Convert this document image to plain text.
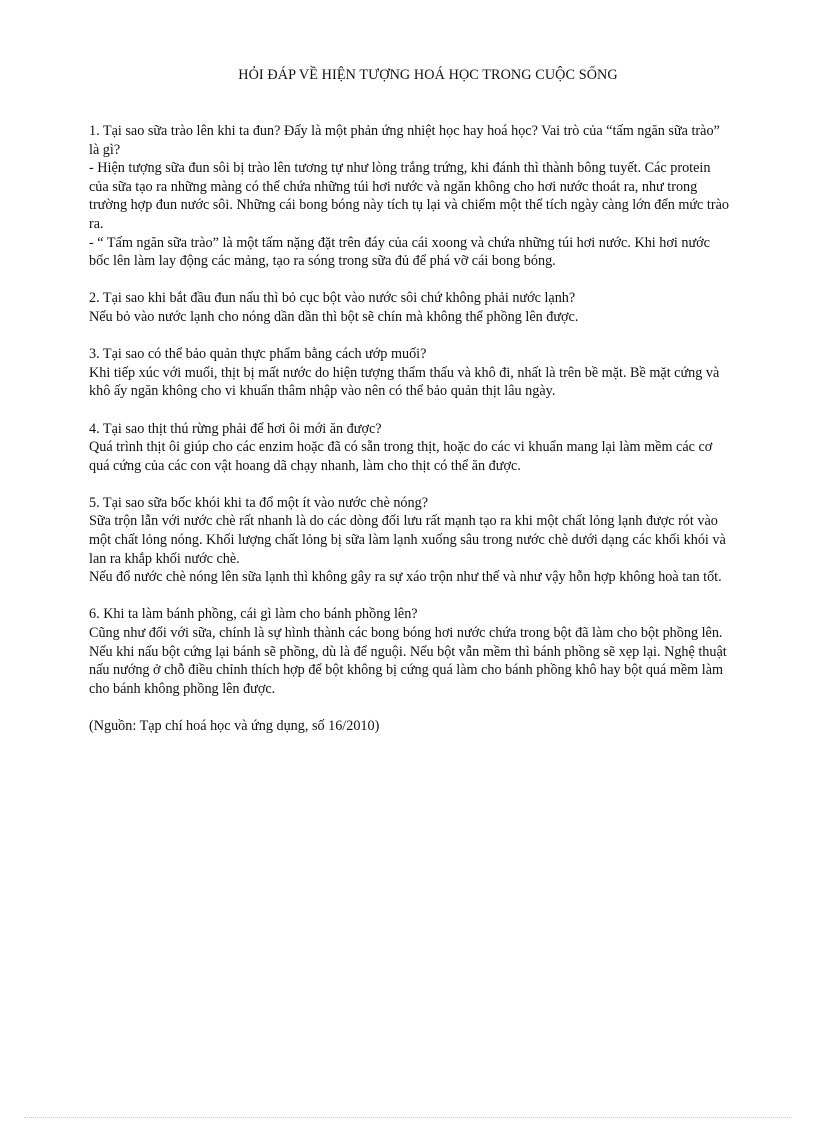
HỎI ĐÁP VỀ HIỆN TƯỢNG HOÁ HỌC TRONG CUỘC SỐNG

1. Tại sao sữa trào lên khi ta đun? Đấy là một phản ứng nhiệt học hay hoá học? Vai trò của “tấm ngăn sữa trào” là gì?

- Hiện tượng sữa đun sôi bị trào lên tương tự như lòng trắng trứng, khi đánh thì thành bông tuyết. Các protein của sữa tạo ra những màng có thể chứa những túi hơi nước và ngăn không cho hơi nước thoát ra, như trong trường hợp đun nước sôi. Những cái bong bóng này tích tụ lại và chiếm một thể tích ngày càng lớn đến mức trào ra.

- “ Tấm ngăn sữa trào” là một tấm nặng đặt trên đáy của cái xoong và chứa những túi hơi nước. Khi hơi nước bốc lên làm lay động các mảng, tạo ra sóng trong sữa đủ để phá vỡ cái bong bóng.

2. Tại sao khi bắt đầu đun nấu thì bỏ cục bột vào nước sôi chứ không phải nước lạnh?

Nếu bỏ vào nước lạnh cho nóng dần dần thì bột sẽ chín mà không thể phồng lên được.

3. Tại sao có thể bảo quản thực phẩm bằng cách ướp muối?

Khi tiếp xúc với muối, thịt bị mất nước do hiện tượng thẩm thấu và khô đi, nhất là trên bề mặt. Bề mặt cứng và khô ấy ngăn không cho vi khuẩn thâm nhập vào nên có thể bảo quản thịt lâu ngày.

4. Tại sao thịt thú rừng phải để hơi ôi mới ăn được?

Quá trình thịt ôi giúp cho các enzim hoặc đã có sẵn trong thịt, hoặc do các vi khuẩn mang lại làm mềm các cơ quá cứng của các con vật hoang dã chạy nhanh, làm cho thịt có thể ăn được.

5. Tại sao sữa bốc khói khi ta đổ một ít vào nước chè nóng?

Sữa trộn lẫn với nước chè rất nhanh là do các dòng đối lưu rất mạnh tạo ra khi một chất lỏng lạnh được rót vào một chất lỏng nóng. Khối lượng chất lỏng bị sữa làm lạnh xuống sâu trong nước chè dưới dạng các khối khói và lan ra khắp khối nước chè.

Nếu đổ nước chè nóng lên sữa lạnh thì không gây ra sự xáo trộn như thế và như vậy hỗn hợp không hoà tan tốt.

6. Khi ta làm bánh phồng, cái gì làm cho bánh phồng lên?

Cũng như đối với sữa, chính là sự hình thành các bong bóng hơi nước chứa trong bột đã làm cho bột phồng lên. Nếu khi nấu bột cứng lại bánh sẽ phồng, dù là để nguội. Nếu bột vẫn mềm thì bánh phồng sẽ xẹp lại. Nghệ thuật nấu nướng ở chỗ điều chỉnh thích hợp để bột không bị cứng quá làm cho bánh phồng khô hay bột quá mềm làm cho bánh không phồng lên được.

(Nguồn: Tạp chí hoá học và ứng dụng, số 16/2010)
